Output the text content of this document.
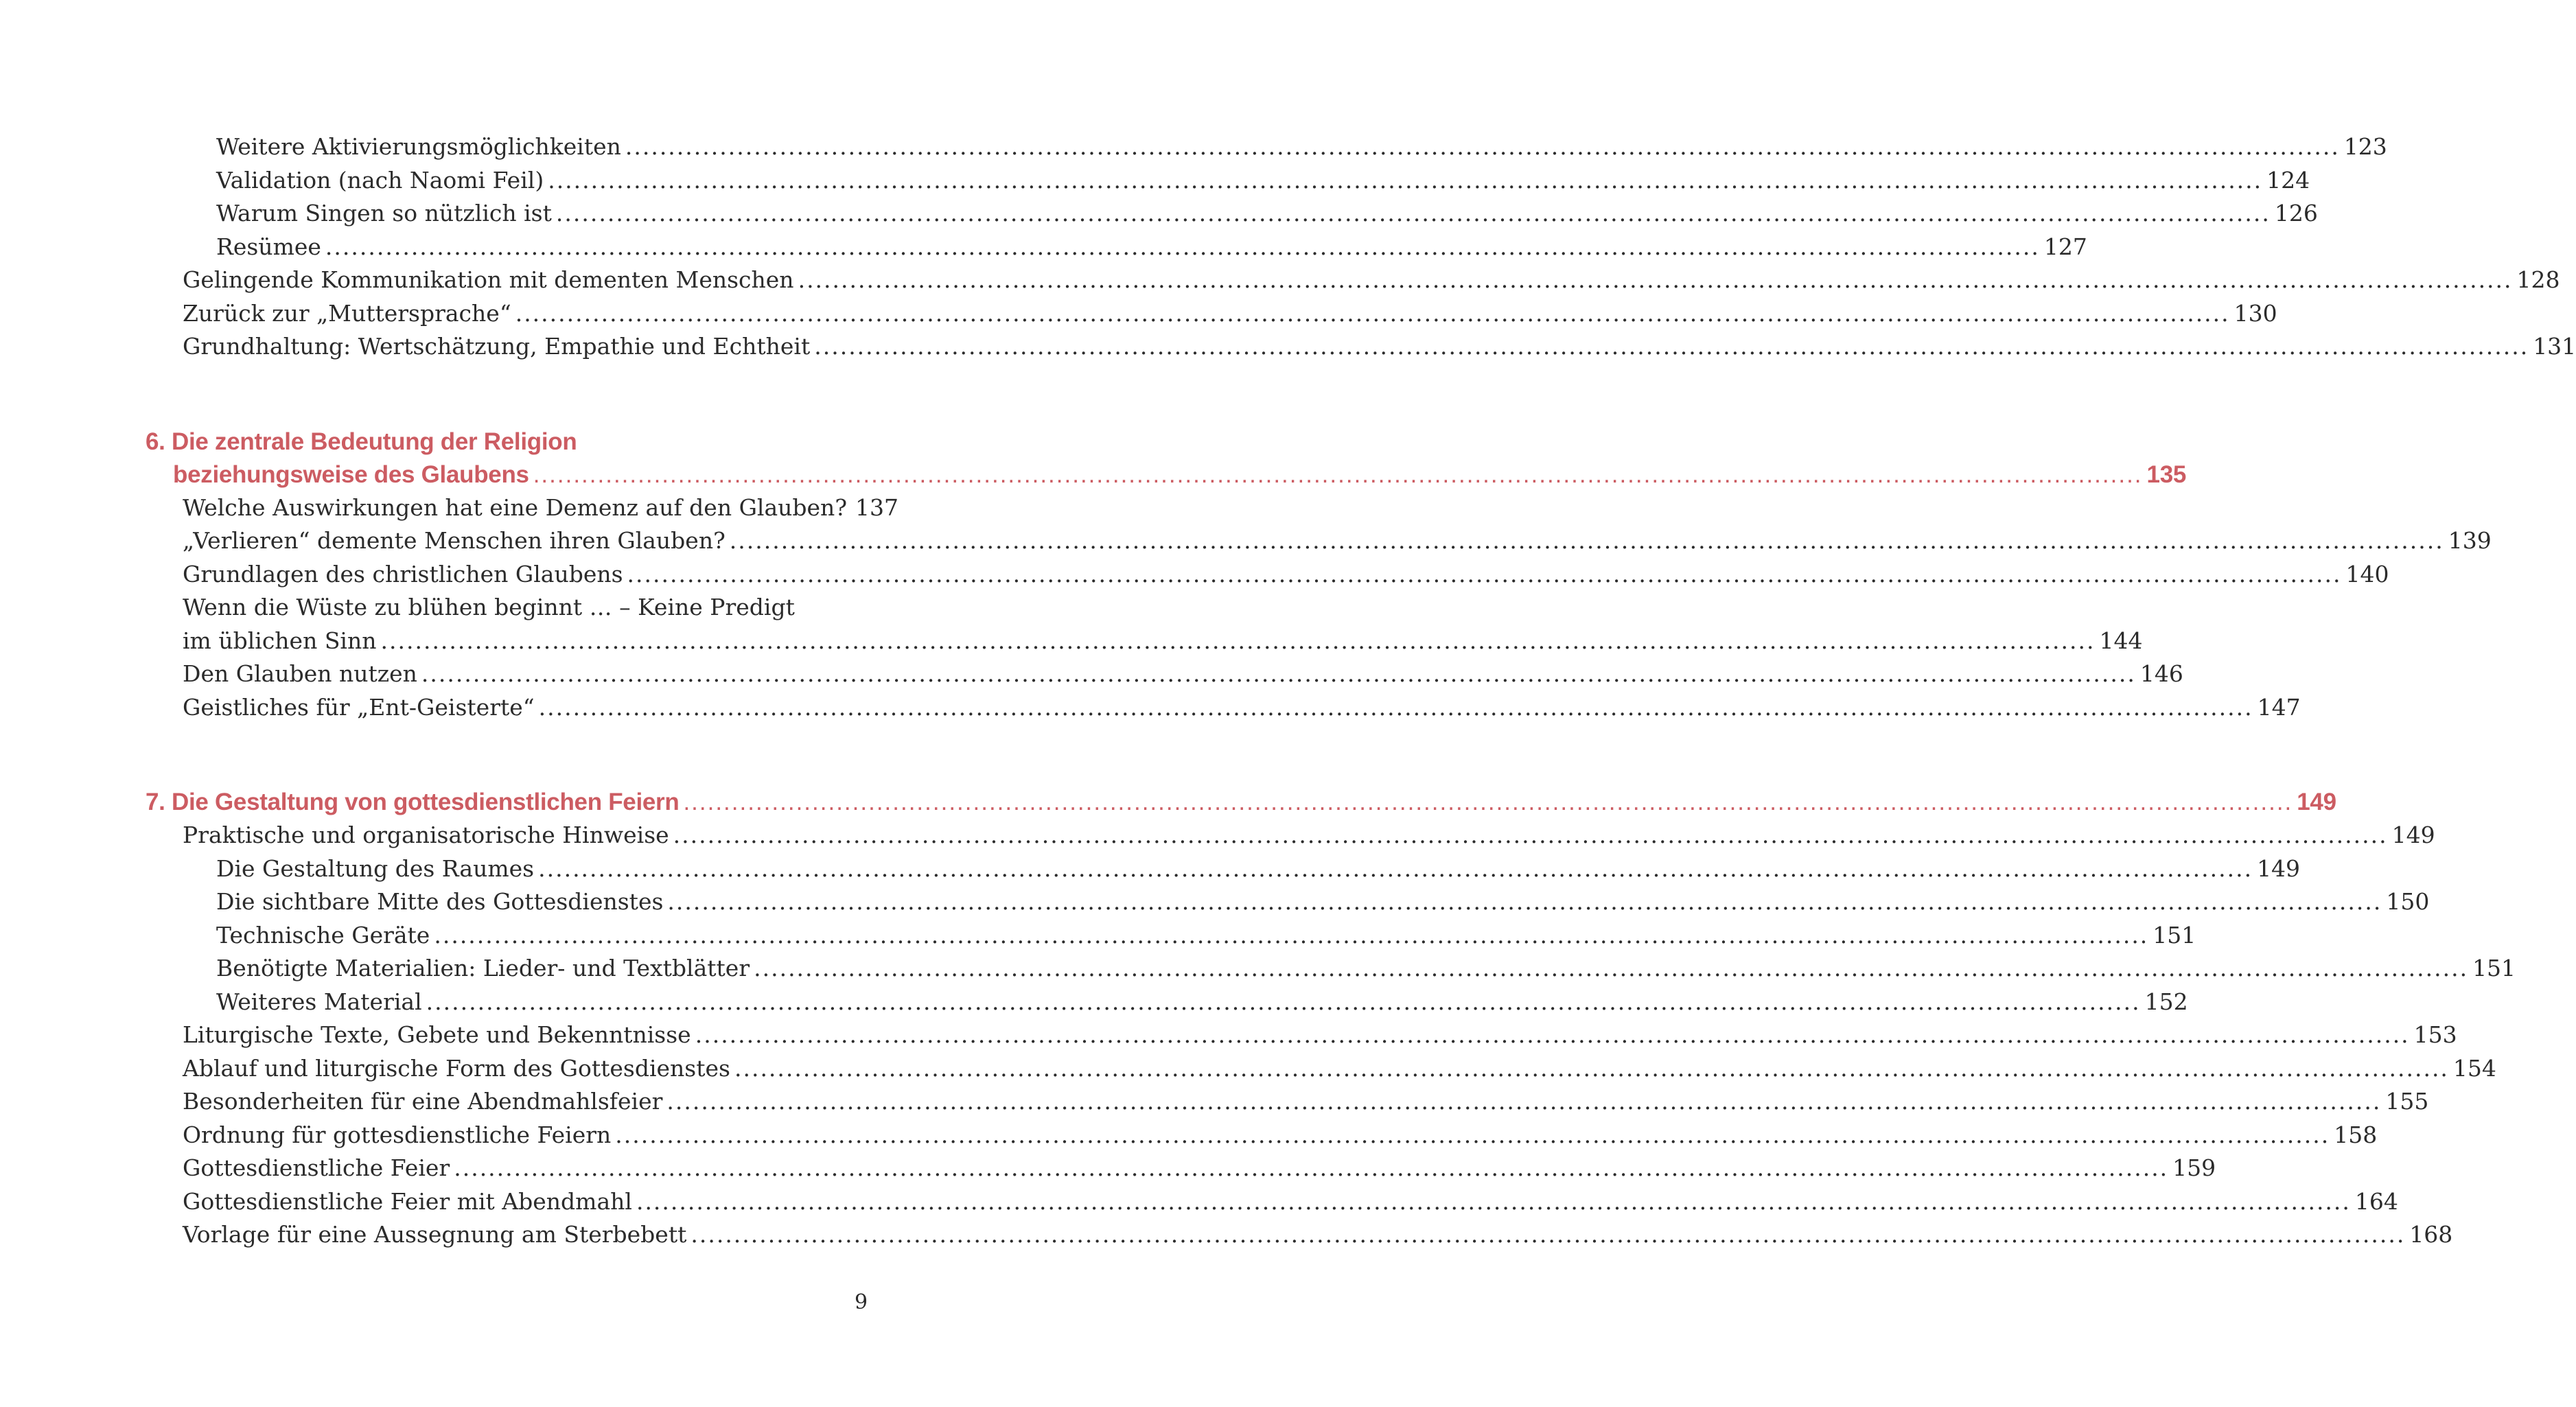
Weitere Aktivierungsmöglichkeiten ........................................................................................................................................................................................................ 123
Validation (nach Naomi Feil) ........................................................................................................................................................................................................ 124
Warum Singen so nützlich ist ........................................................................................................................................................................................................ 126
Resümee ........................................................................................................................................................................................................ 127
Gelingende Kommunikation mit dementen Menschen ........................................................................................................................................................................................................ 128
Zurück zur „Muttersprache“ ........................................................................................................................................................................................................ 130
Grundhaltung: Wertschätzung, Empathie und Echtheit ........................................................................................................................................................................................................ 131
6. Die zentrale Bedeutung der Religion
beziehungsweise des Glaubens ........................................................................................................................................................................................................ 135
Welche Auswirkungen hat eine Demenz auf den Glauben? 137
„Verlieren“ demente Menschen ihren Glauben? ........................................................................................................................................................................................................ 139
Grundlagen des christlichen Glaubens ........................................................................................................................................................................................................ 140
Wenn die Wüste zu blühen beginnt … – Keine Predigt
im üblichen Sinn ........................................................................................................................................................................................................ 144
Den Glauben nutzen ........................................................................................................................................................................................................ 146
Geistliches für „Ent-Geisterte“ ........................................................................................................................................................................................................ 147
7. Die Gestaltung von gottesdienstlichen Feiern ........................................................................................................................................................................................................ 149
Praktische und organisatorische Hinweise ........................................................................................................................................................................................................ 149
Die Gestaltung des Raumes ........................................................................................................................................................................................................ 149
Die sichtbare Mitte des Gottesdienstes ........................................................................................................................................................................................................ 150
Technische Geräte ........................................................................................................................................................................................................ 151
Benötigte Materialien: Lieder- und Textblätter ........................................................................................................................................................................................................ 151
Weiteres Material ........................................................................................................................................................................................................ 152
Liturgische Texte, Gebete und Bekenntnisse ........................................................................................................................................................................................................ 153
Ablauf und liturgische Form des Gottesdienstes ........................................................................................................................................................................................................ 154
Besonderheiten für eine Abendmahlsfeier ........................................................................................................................................................................................................ 155
Ordnung für gottesdienstliche Feiern ........................................................................................................................................................................................................ 158
Gottesdienstliche Feier ........................................................................................................................................................................................................ 159
Gottesdienstliche Feier mit Abendmahl ........................................................................................................................................................................................................ 164
Vorlage für eine Aussegnung am Sterbebett ........................................................................................................................................................................................................ 168
9
